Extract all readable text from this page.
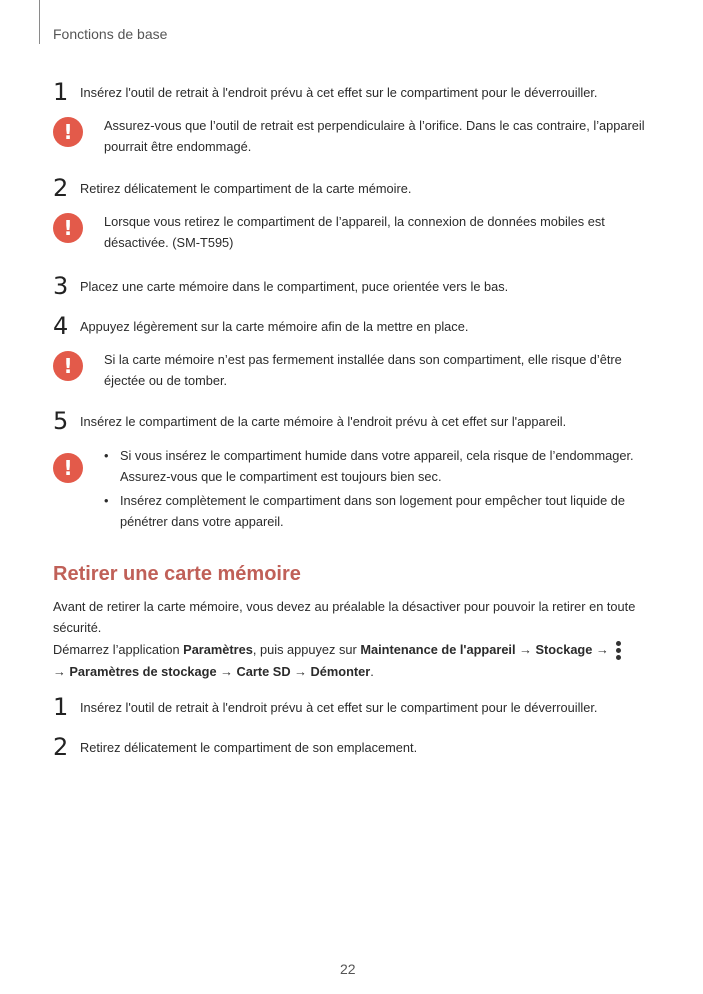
Fonctions de base
1 Insérez l'outil de retrait à l'endroit prévu à cet effet sur le compartiment pour le déverrouiller.
!	Assurez-vous que l’outil de retrait est perpendiculaire à l’orifice. Dans le cas contraire, l’appareil pourrait être endommagé.
2 Retirez délicatement le compartiment de la carte mémoire.
!	Lorsque vous retirez le compartiment de l’appareil, la connexion de données mobiles est désactivée. (SM-T595)
3 Placez une carte mémoire dans le compartiment, puce orientée vers le bas.
4 Appuyez légèrement sur la carte mémoire afin de la mettre en place.
!	Si la carte mémoire n’est pas fermement installée dans son compartiment, elle risque d’être éjectée ou de tomber.
5 Insérez le compartiment de la carte mémoire à l'endroit prévu à cet effet sur l'appareil.
!
• Si vous insérez le compartiment humide dans votre appareil, cela risque de l’endommager. Assurez-vous que le compartiment est toujours bien sec.
• Insérez complètement le compartiment dans son logement pour empêcher tout liquide de pénétrer dans votre appareil.
Retirer une carte mémoire
Avant de retirer la carte mémoire, vous devez au préalable la désactiver pour pouvoir la retirer en toute sécurité.
Démarrez l’application Paramètres, puis appuyez sur Maintenance de l'appareil → Stockage →

→ Paramètres de stockage → Carte SD → Démonter.
1 Insérez l'outil de retrait à l'endroit prévu à cet effet sur le compartiment pour le déverrouiller.
2 Retirez délicatement le compartiment de son emplacement.
22
